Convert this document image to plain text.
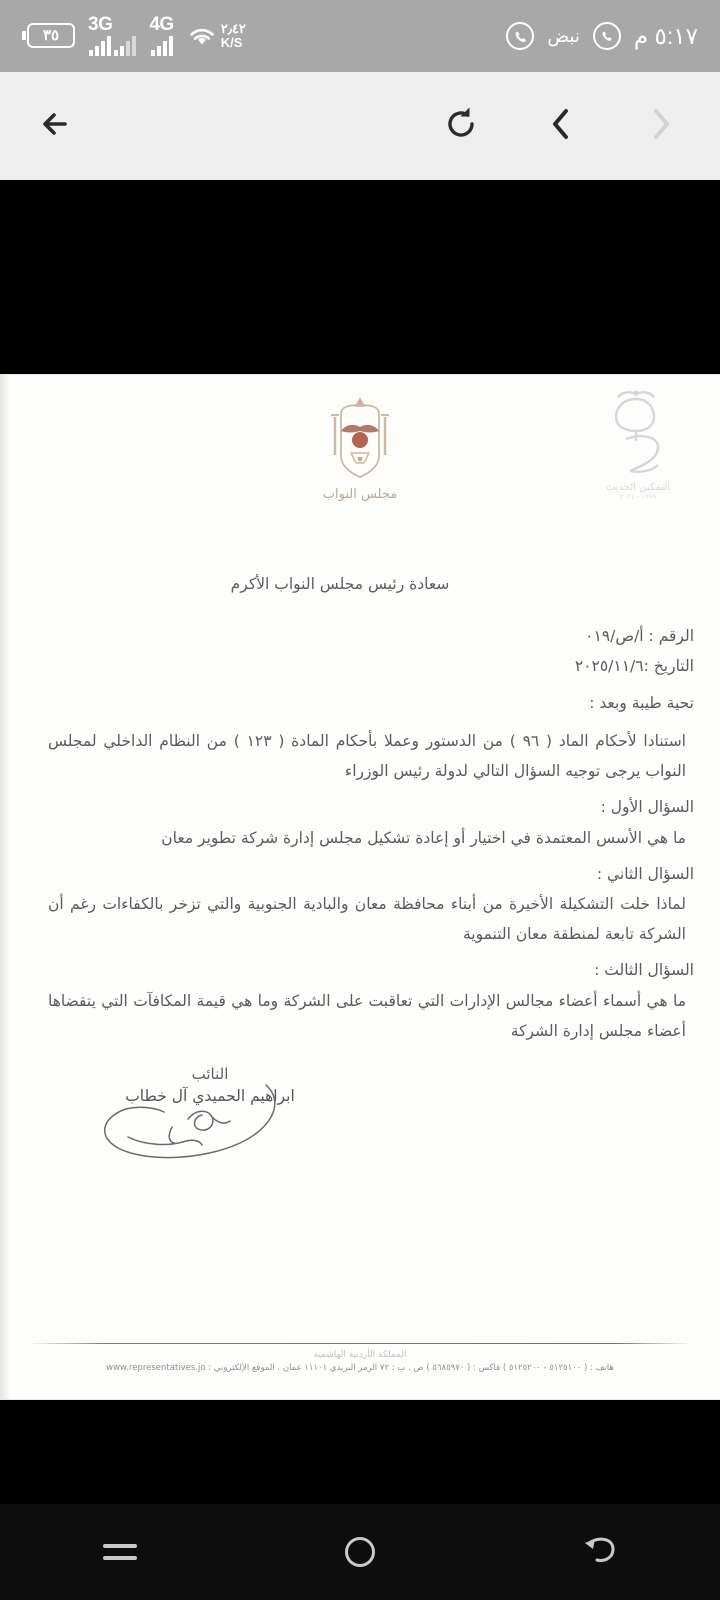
٣٥
3G 4G	٢٫٤٢
K/S	نبض ٥:١٧ م
التمكين الحديث
١٩٩٩ - ٢٠٢٤
مجلس النواب
سعادة رئيس مجلس النواب الأكرم
الرقم : أ/ص/٠١٩
التاريخ :٢٠٢٥/١١/٦
تحية طيبة وبعد :
استنادا لأحكام الماد ( ٩٦ ) من الدستور وعملا بأحكام المادة ( ١٢٣ ) من النظام الداخلي لمجلس النواب يرجى توجيه السؤال التالي لدولة رئيس الوزراء
السؤال الأول :
ما هي الأسس المعتمدة في اختيار أو إعادة تشكيل مجلس إدارة شركة تطوير معان
السؤال الثاني :
لماذا خلت التشكيلة الأخيرة من أبناء محافظة معان والبادية الجنوبية والتي تزخر بالكفاءات رغم أن الشركة تابعة لمنطقة معان التنموية
السؤال الثالث :
ما هي أسماء أعضاء مجالس الإدارات التي تعاقبت على الشركة وما هي قيمة المكافآت التي يتقضاها أعضاء مجلس إدارة الشركة
النائب
ابراهيم الحميدي آل خطاب
المملكة الأردنية الهاشمية
هاتف : ( ٥١٢٥١٠٠ - ٥١٢٥٢٠٠ ) فاكس : ( ٥٦٨٥٩٧٠ ) ص . ب : ٧٢ الرمز البريدي ١١١٠١ عمان . الموقع الإلكتروني : www.representatives.jo
